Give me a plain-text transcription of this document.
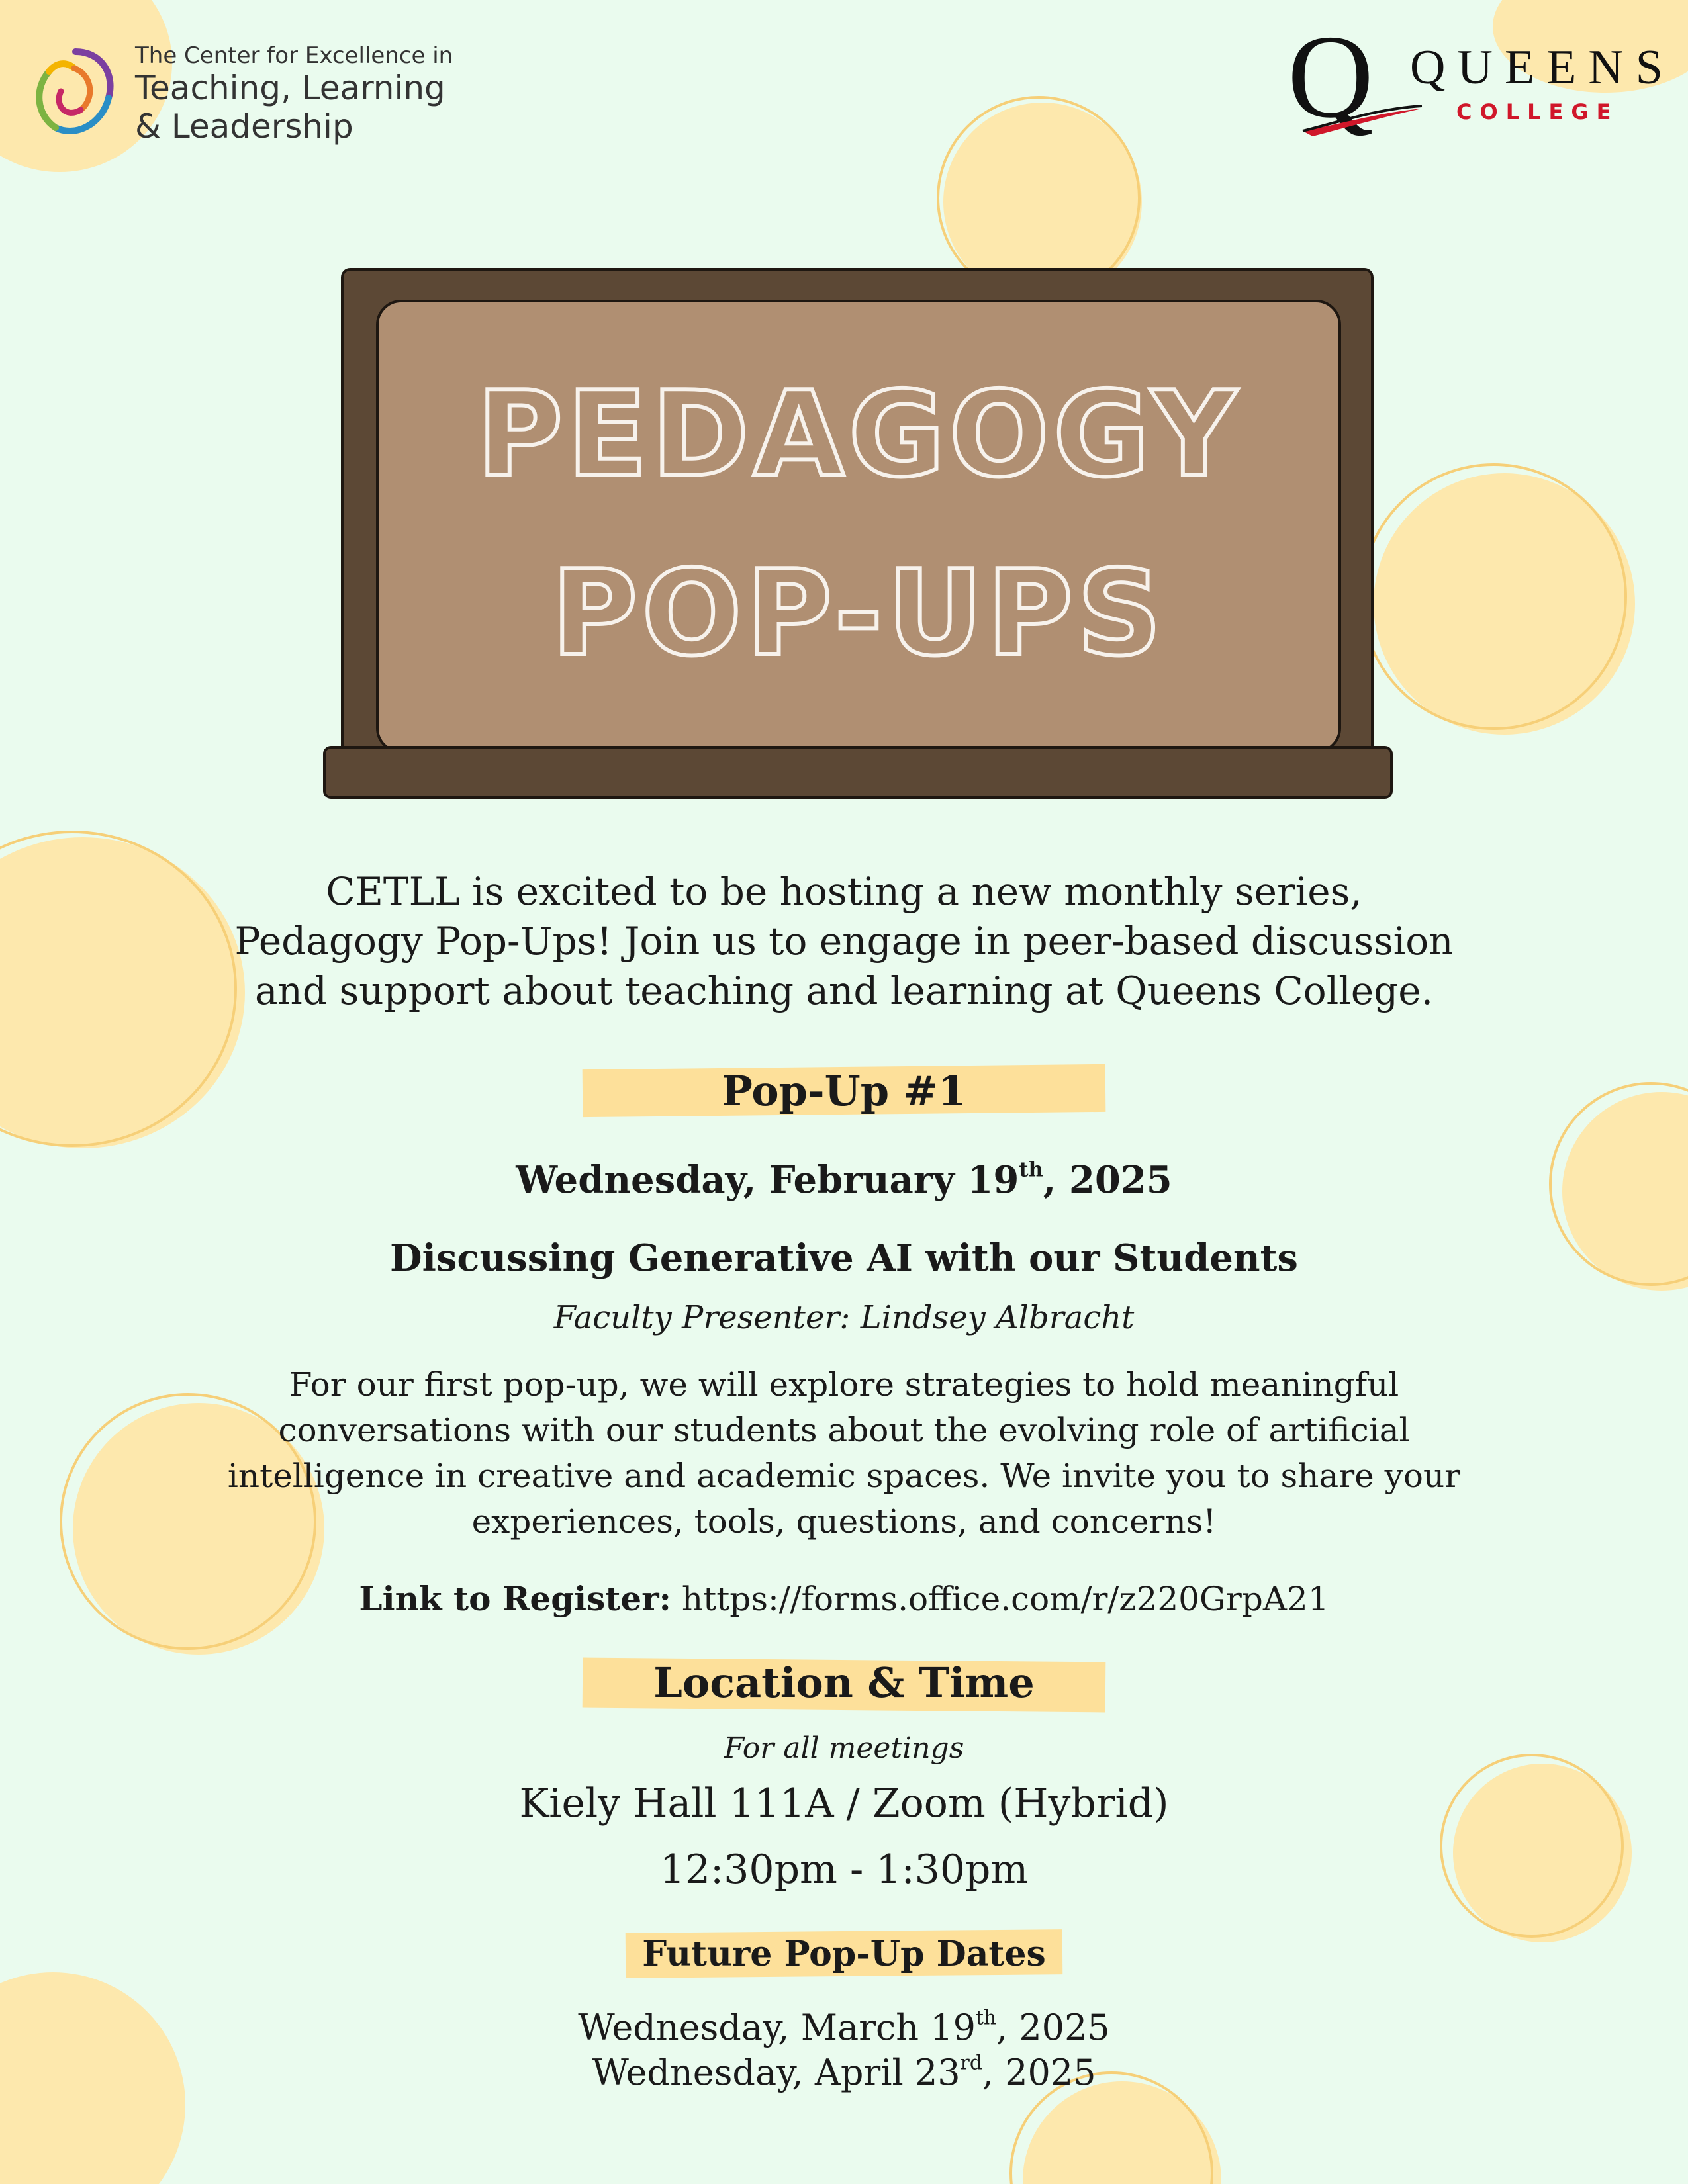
The Center for Excellence in
Teaching, Learning
& Leadership	Q QUEENS
COLLEGE
PEDAGOGY
POP-UPS
CETLL is excited to be hosting a new monthly series,
Pedagogy Pop-Ups! Join us to engage in peer-based discussion
and support about teaching and learning at Queens College.
Pop-Up #1
Wednesday, February 19th, 2025
Discussing Generative AI with our Students
Faculty Presenter: Lindsey Albracht
For our first pop-up, we will explore strategies to hold meaningful
conversations with our students about the evolving role of artificial
intelligence in creative and academic spaces. We invite you to share your
experiences, tools, questions, and concerns!
Link to Register: https://forms.office.com/r/z220GrpA21
Location & Time
For all meetings
Kiely Hall 111A / Zoom (Hybrid)
12:30pm - 1:30pm
Future Pop-Up Dates
Wednesday, March 19th, 2025
Wednesday, April 23rd, 2025
